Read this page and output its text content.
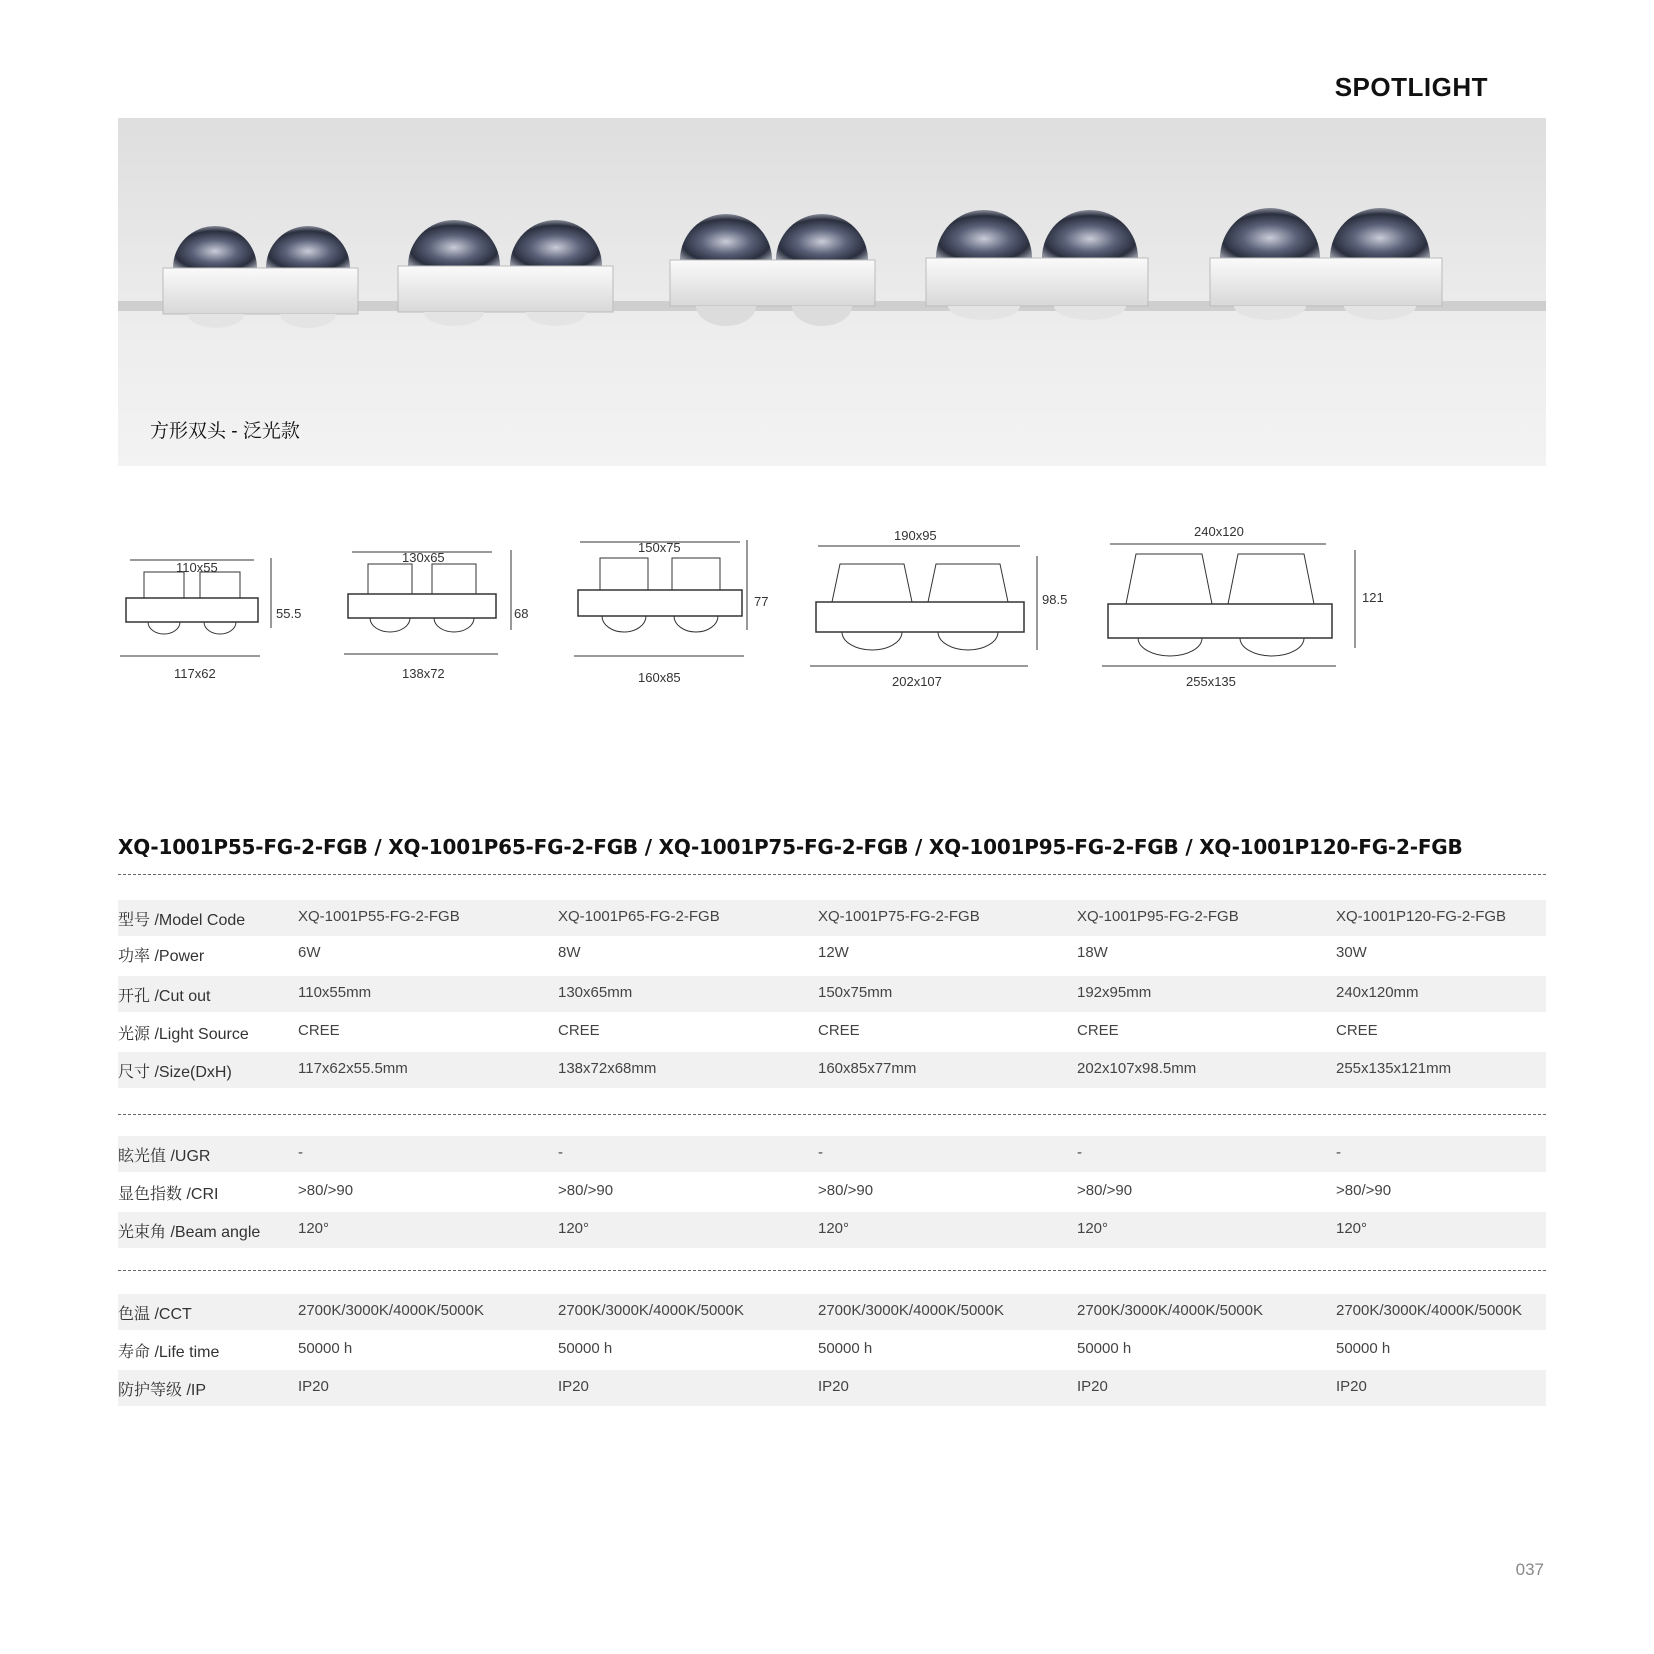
SPOTLIGHT
方形双头 - 泛光款
110x55
117x62
55.5
130x65
138x72
68
150x75
160x85
77
190x95
202x107
98.5
240x120
255x135
121
XQ-1001P55-FG-2-FGB / XQ-1001P65-FG-2-FGB / XQ-1001P75-FG-2-FGB / XQ-1001P95-FG-2-FGB / XQ-1001P120-FG-2-FGB
型号 /Model Code	XQ-1001P55-FG-2-FGB	XQ-1001P65-FG-2-FGB	XQ-1001P75-FG-2-FGB	XQ-1001P95-FG-2-FGB	XQ-1001P120-FG-2-FGB
功率 /Power	6W	8W	12W	18W	30W
开孔 /Cut out	110x55mm	130x65mm	150x75mm	192x95mm	240x120mm
光源 /Light Source	CREE	CREE	CREE	CREE	CREE
尺寸 /Size(DxH)	117x62x55.5mm	138x72x68mm	160x85x77mm	202x107x98.5mm	255x135x121mm
眩光值 /UGR	-	-	-	-	-
显色指数 /CRI	>80/>90	>80/>90	>80/>90	>80/>90	>80/>90
光束角 /Beam angle	120°	120°	120°	120°	120°
色温 /CCT	2700K/3000K/4000K/5000K	2700K/3000K/4000K/5000K	2700K/3000K/4000K/5000K	2700K/3000K/4000K/5000K	2700K/3000K/4000K/5000K
寿命 /Life time	50000 h	50000 h	50000 h	50000 h	50000 h
防护等级 /IP	IP20	IP20	IP20	IP20	IP20
037
